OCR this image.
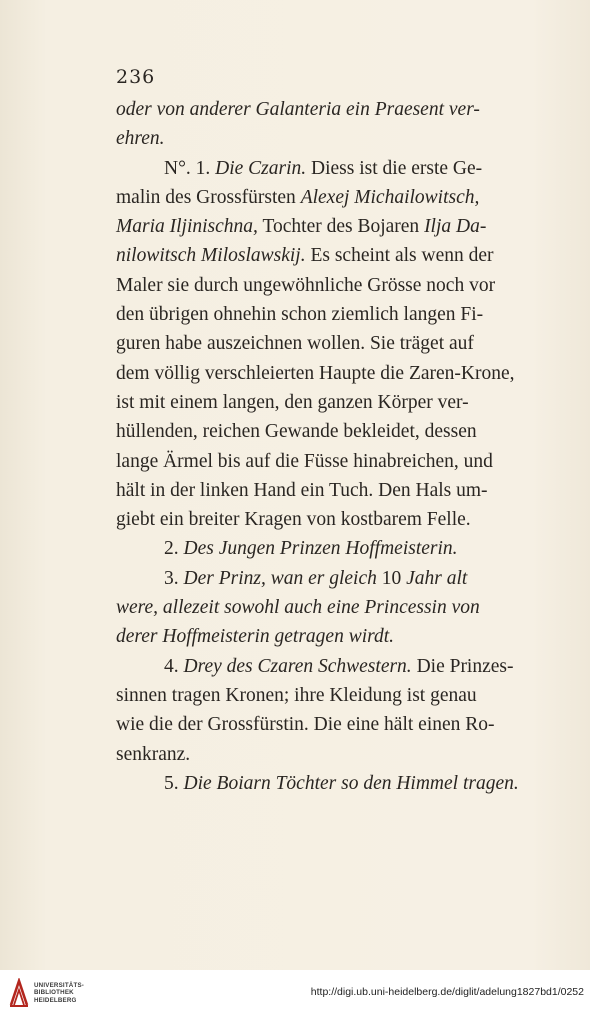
236

oder von anderer Galanteria ein Praesent ver-

ehren.

N°. 1. Die Czarin. Diess ist die erste Ge-

malin des Grossfürsten Alexej Michailowitsch,

Maria Iljinischna, Tochter des Bojaren Ilja Da-

nilowitsch Miloslawskij. Es scheint als wenn der

Maler sie durch ungewöhnliche Grösse noch vor

den übrigen ohnehin schon ziemlich langen Fi-

guren habe auszeichnen wollen. Sie träget auf

dem völlig verschleierten Haupte die Zaren-Krone,

ist mit einem langen, den ganzen Körper ver-

hüllenden, reichen Gewande bekleidet, dessen

lange Ärmel bis auf die Füsse hinabreichen, und

hält in der linken Hand ein Tuch. Den Hals um-

giebt ein breiter Kragen von kostbarem Felle.

2. Des Jungen Prinzen Hoffmeisterin.

3. Der Prinz, wan er gleich 10 Jahr alt

were, allezeit sowohl auch eine Princessin von

derer Hoffmeisterin getragen wirdt.

4. Drey des Czaren Schwestern. Die Prinzes-

sinnen tragen Kronen; ihre Kleidung ist genau

wie die der Grossfürstin. Die eine hält einen Ro-

senkranz.

5. Die Boiarn Töchter so den Himmel tragen.

UNIVERSITÄTS-
BIBLIOTHEK
HEIDELBERG
http://digi.ub.uni-heidelberg.de/diglit/adelung1827bd1/0252
